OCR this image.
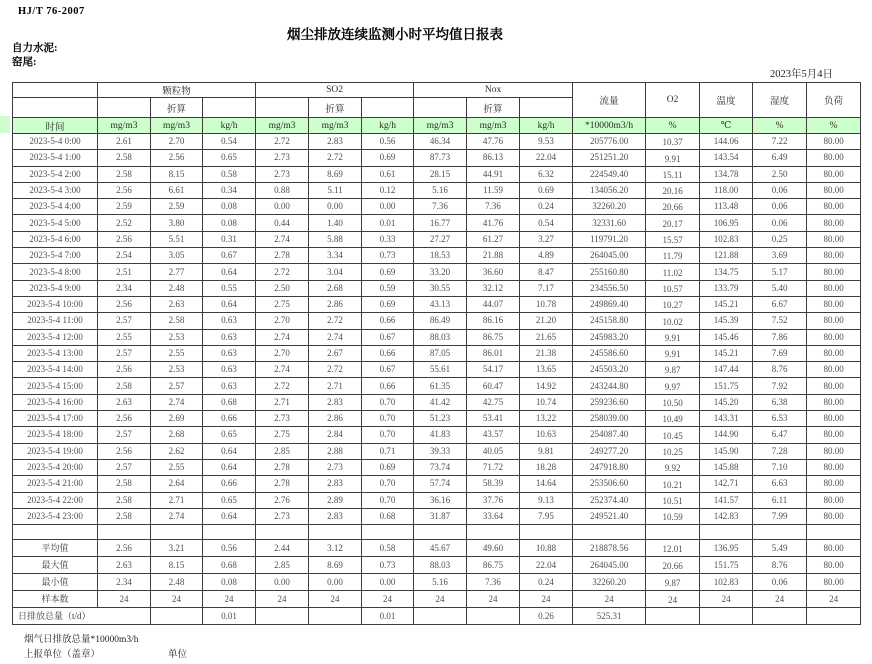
HJ/T 76-2007
烟尘排放连续监测小时平均值日报表
自力水泥:
窑尾:
2023年5月4日
	颗粒物			SO2			Nox			流量	O2	温度	湿度	负荷
		折算			折算			折算						
时间	mg/m3	mg/m3	kg/h	mg/m3	mg/m3	kg/h	mg/m3	mg/m3	kg/h	*10000m3/h	%	℃	%	%
2023-5-4 0:00	2.61	2.70	0.54	2.72	2.83	0.56	46.34	47.76	9.53	205776.00	10.37	144.06	7.22	80.00
2023-5-4 1:00	2.58	2.56	0.65	2.73	2.72	0.69	87.73	86.13	22.04	251251.20	9.91	143.54	6.49	80.00
2023-5-4 2:00	2.58	8.15	0.58	2.73	8.69	0.61	28.15	44.91	6.32	224549.40	15.11	134.78	2.50	80.00
2023-5-4 3:00	2.56	6.61	0.34	0.88	5.11	0.12	5.16	11.59	0.69	134056.20	20.16	118.00	0.06	80.00
2023-5-4 4:00	2.59	2.59	0.08	0.00	0.00	0.00	7.36	7.36	0.24	32260.20	20.66	113.48	0.06	80.00
2023-5-4 5:00	2.52	3.80	0.08	0.44	1.40	0.01	16.77	41.76	0.54	32331.60	20.17	106.95	0.06	80.00
2023-5-4 6:00	2.56	5.51	0.31	2.74	5.88	0.33	27.27	61.27	3.27	119791.20	15.57	102.83	0.25	80.00
2023-5-4 7:00	2.54	3.05	0.67	2.78	3.34	0.73	18.53	21.88	4.89	264045.00	11.79	121.88	3.69	80.00
2023-5-4 8:00	2.51	2.77	0.64	2.72	3.04	0.69	33.20	36.60	8.47	255160.80	11.02	134.75	5.17	80.00
2023-5-4 9:00	2.34	2.48	0.55	2.50	2.68	0.59	30.55	32.12	7.17	234556.50	10.57	133.79	5.40	80.00
2023-5-4 10:00	2.56	2.63	0.64	2.75	2.86	0.69	43.13	44.07	10.78	249869.40	10.27	145.21	6.67	80.00
2023-5-4 11:00	2.57	2.58	0.63	2.70	2.72	0.66	86.49	86.16	21.20	245158.80	10.02	145.39	7.52	80.00
2023-5-4 12:00	2.55	2.53	0.63	2.74	2.74	0.67	88.03	86.75	21.65	245983.20	9.91	145.46	7.86	80.00
2023-5-4 13:00	2.57	2.55	0.63	2.70	2.67	0.66	87.05	86.01	21.38	245586.60	9.91	145.21	7.69	80.00
2023-5-4 14:00	2.56	2.53	0.63	2.74	2.72	0.67	55.61	54.17	13.65	245503.20	9.87	147.44	8.76	80.00
2023-5-4 15:00	2.58	2.57	0.63	2.72	2.71	0.66	61.35	60.47	14.92	243244.80	9.97	151.75	7.92	80.00
2023-5-4 16:00	2.63	2.74	0.68	2.71	2.83	0.70	41.42	42.75	10.74	259236.60	10.50	145.20	6.38	80.00
2023-5-4 17:00	2.56	2.69	0.66	2.73	2.86	0.70	51.23	53.41	13.22	258039.00	10.49	143.31	6.53	80.00
2023-5-4 18:00	2.57	2.68	0.65	2.75	2.84	0.70	41.83	43.57	10.63	254087.40	10.45	144.90	6.47	80.00
2023-5-4 19:00	2.56	2.62	0.64	2.85	2.88	0.71	39.33	40.05	9.81	249277.20	10.25	145.90	7.28	80.00
2023-5-4 20:00	2.57	2.55	0.64	2.78	2.73	0.69	73.74	71.72	18.28	247918.80	9.92	145.88	7.10	80.00
2023-5-4 21:00	2.58	2.64	0.66	2.78	2.83	0.70	57.74	58.39	14.64	253506.60	10.21	142.71	6.63	80.00
2023-5-4 22:00	2.58	2.71	0.65	2.76	2.89	0.70	36.16	37.76	9.13	252374.40	10.51	141.57	6.11	80.00
2023-5-4 23:00	2.58	2.74	0.64	2.73	2.83	0.68	31.87	33.64	7.95	249521.40	10.59	142.83	7.99	80.00

平均值	2.56	3.21	0.56	2.44	3.12	0.58	45.67	49.60	10.88	218878.56	12.01	136.95	5.49	80.00
最大值	2.63	8.15	0.68	2.85	8.69	0.73	88.03	86.75	22.04	264045.00	20.66	151.75	8.76	80.00
最小值	2.34	2.48	0.08	0.00	0.00	0.00	5.16	7.36	0.24	32260.20	9.87	102.83	0.06	80.00
样本数	24	24	24	24	24	24	24	24	24	24	24	24	24	24
日排放总量（t/d）			0.01			0.01			0.26	525.31				
烟气日排放总量*10000m3/h
上报单位（盖章）	单位
